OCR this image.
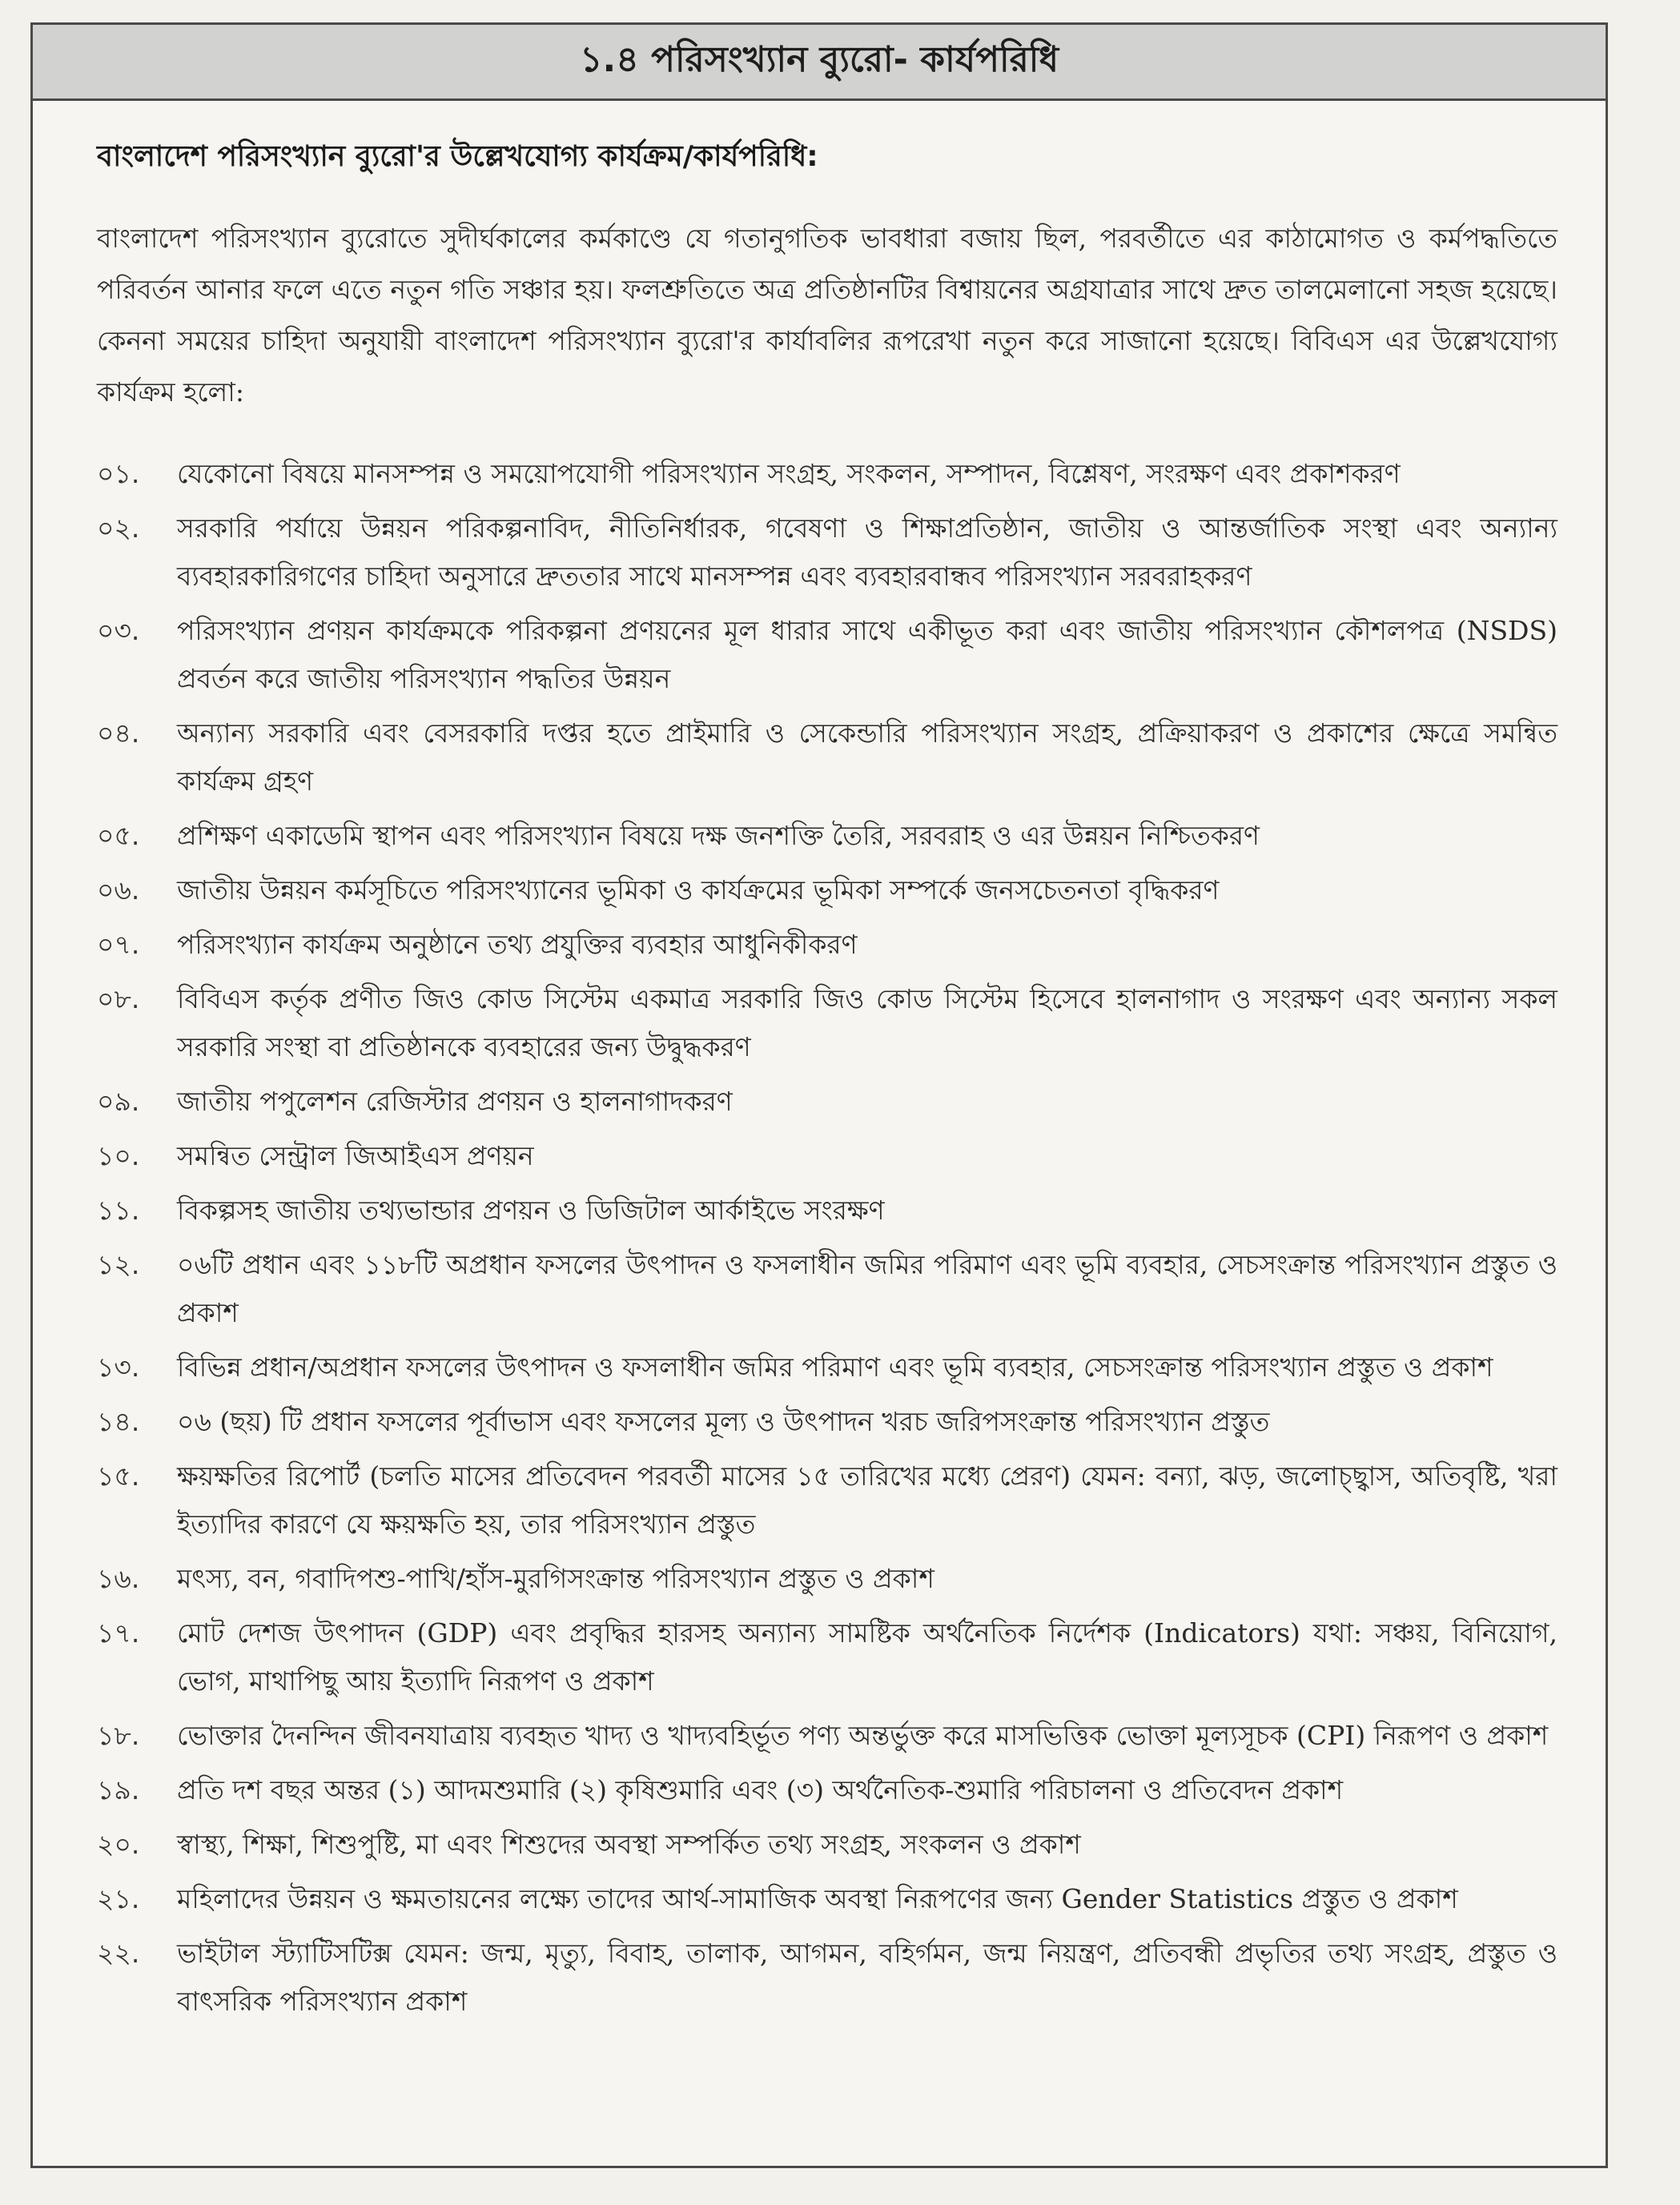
১.৪ পরিসংখ্যান ব্যুরো- কার্যপরিধি
বাংলাদেশ পরিসংখ্যান ব্যুরো'র উল্লেখযোগ্য কার্যক্রম/কার্যপরিধি:

বাংলাদেশ পরিসংখ্যান ব্যুরোতে সুদীর্ঘকালের কর্মকাণ্ডে যে গতানুগতিক ভাবধারা বজায় ছিল, পরবর্তীতে এর কাঠামোগত ও কর্মপদ্ধতিতে পরিবর্তন আনার ফলে এতে নতুন গতি সঞ্চার হয়। ফলশ্রুতিতে অত্র প্রতিষ্ঠানটির বিশ্বায়নের অগ্রযাত্রার সাথে দ্রুত তালমেলানো সহজ হয়েছে। কেননা সময়ের চাহিদা অনুযায়ী বাংলাদেশ পরিসংখ্যান ব্যুরো'র কার্যাবলির রূপরেখা নতুন করে সাজানো হয়েছে। বিবিএস এর উল্লেখযোগ্য কার্যক্রম হলো:

০১.	যেকোনো বিষয়ে মানসম্পন্ন ও সময়োপযোগী পরিসংখ্যান সংগ্রহ, সংকলন, সম্পাদন, বিশ্লেষণ, সংরক্ষণ এবং প্রকাশকরণ
০২.	সরকারি পর্যায়ে উন্নয়ন পরিকল্পনাবিদ, নীতিনির্ধারক, গবেষণা ও শিক্ষাপ্রতিষ্ঠান, জাতীয় ও আন্তর্জাতিক সংস্থা এবং অন্যান্য ব্যবহারকারিগণের চাহিদা অনুসারে দ্রুততার সাথে মানসম্পন্ন এবং ব্যবহারবান্ধব পরিসংখ্যান সরবরাহকরণ
০৩.	পরিসংখ্যান প্রণয়ন কার্যক্রমকে পরিকল্পনা প্রণয়নের মূল ধারার সাথে একীভূত করা এবং জাতীয় পরিসংখ্যান কৌশলপত্র (NSDS) প্রবর্তন করে জাতীয় পরিসংখ্যান পদ্ধতির উন্নয়ন
০৪.	অন্যান্য সরকারি এবং বেসরকারি দপ্তর হতে প্রাইমারি ও সেকেন্ডারি পরিসংখ্যান সংগ্রহ, প্রক্রিয়াকরণ ও প্রকাশের ক্ষেত্রে সমন্বিত কার্যক্রম গ্রহণ
০৫.	প্রশিক্ষণ একাডেমি স্থাপন এবং পরিসংখ্যান বিষয়ে দক্ষ জনশক্তি তৈরি, সরবরাহ ও এর উন্নয়ন নিশ্চিতকরণ
০৬.	জাতীয় উন্নয়ন কর্মসূচিতে পরিসংখ্যানের ভূমিকা ও কার্যক্রমের ভূমিকা সম্পর্কে জনসচেতনতা বৃদ্ধিকরণ
০৭.	পরিসংখ্যান কার্যক্রম অনুষ্ঠানে তথ্য প্রযুক্তির ব্যবহার আধুনিকীকরণ
০৮.	বিবিএস কর্তৃক প্রণীত জিও কোড সিস্টেম একমাত্র সরকারি জিও কোড সিস্টেম হিসেবে হালনাগাদ ও সংরক্ষণ এবং অন্যান্য সকল সরকারি সংস্থা বা প্রতিষ্ঠানকে ব্যবহারের জন্য উদ্বুদ্ধকরণ
০৯.	জাতীয় পপুলেশন রেজিস্টার প্রণয়ন ও হালনাগাদকরণ
১০.	সমন্বিত সেন্ট্রাল জিআইএস প্রণয়ন
১১.	বিকল্পসহ জাতীয় তথ্যভান্ডার প্রণয়ন ও ডিজিটাল আর্কাইভে সংরক্ষণ
১২.	০৬টি প্রধান এবং ১১৮টি অপ্রধান ফসলের উৎপাদন ও ফসলাধীন জমির পরিমাণ এবং ভূমি ব্যবহার, সেচসংক্রান্ত পরিসংখ্যান প্রস্তুত ও প্রকাশ
১৩.	বিভিন্ন প্রধান/অপ্রধান ফসলের উৎপাদন ও ফসলাধীন জমির পরিমাণ এবং ভূমি ব্যবহার, সেচসংক্রান্ত পরিসংখ্যান প্রস্তুত ও প্রকাশ
১৪.	০৬ (ছয়) টি প্রধান ফসলের পূর্বাভাস এবং ফসলের মূল্য ও উৎপাদন খরচ জরিপসংক্রান্ত পরিসংখ্যান প্রস্তুত
১৫.	ক্ষয়ক্ষতির রিপোর্ট (চলতি মাসের প্রতিবেদন পরবর্তী মাসের ১৫ তারিখের মধ্যে প্রেরণ) যেমন: বন্যা, ঝড়, জলোচ্ছ্বাস, অতিবৃষ্টি, খরা ইত্যাদির কারণে যে ক্ষয়ক্ষতি হয়, তার পরিসংখ্যান প্রস্তুত
১৬.	মৎস্য, বন, গবাদিপশু-পাখি/হাঁস-মুরগিসংক্রান্ত পরিসংখ্যান প্রস্তুত ও প্রকাশ
১৭.	মোট দেশজ উৎপাদন (GDP) এবং প্রবৃদ্ধির হারসহ অন্যান্য সামষ্টিক অর্থনৈতিক নির্দেশক (Indicators) যথা: সঞ্চয়, বিনিয়োগ, ভোগ, মাথাপিছু আয় ইত্যাদি নিরূপণ ও প্রকাশ
১৮.	ভোক্তার দৈনন্দিন জীবনযাত্রায় ব্যবহৃত খাদ্য ও খাদ্যবহির্ভূত পণ্য অন্তর্ভুক্ত করে মাসভিত্তিক ভোক্তা মূল্যসূচক (CPI) নিরূপণ ও প্রকাশ
১৯.	প্রতি দশ বছর অন্তর (১) আদমশুমারি (২) কৃষিশুমারি এবং (৩) অর্থনৈতিক-শুমারি পরিচালনা ও প্রতিবেদন প্রকাশ
২০.	স্বাস্থ্য, শিক্ষা, শিশুপুষ্টি, মা এবং শিশুদের অবস্থা সম্পর্কিত তথ্য সংগ্রহ, সংকলন ও প্রকাশ
২১.	মহিলাদের উন্নয়ন ও ক্ষমতায়নের লক্ষ্যে তাদের আর্থ-সামাজিক অবস্থা নিরূপণের জন্য Gender Statistics প্রস্তুত ও প্রকাশ
২২.	ভাইটাল স্ট্যাটিসটিক্স যেমন: জন্ম, মৃত্যু, বিবাহ, তালাক, আগমন, বহির্গমন, জন্ম নিয়ন্ত্রণ, প্রতিবন্ধী প্রভৃতির তথ্য সংগ্রহ, প্রস্তুত ও বাৎসরিক পরিসংখ্যান প্রকাশ
